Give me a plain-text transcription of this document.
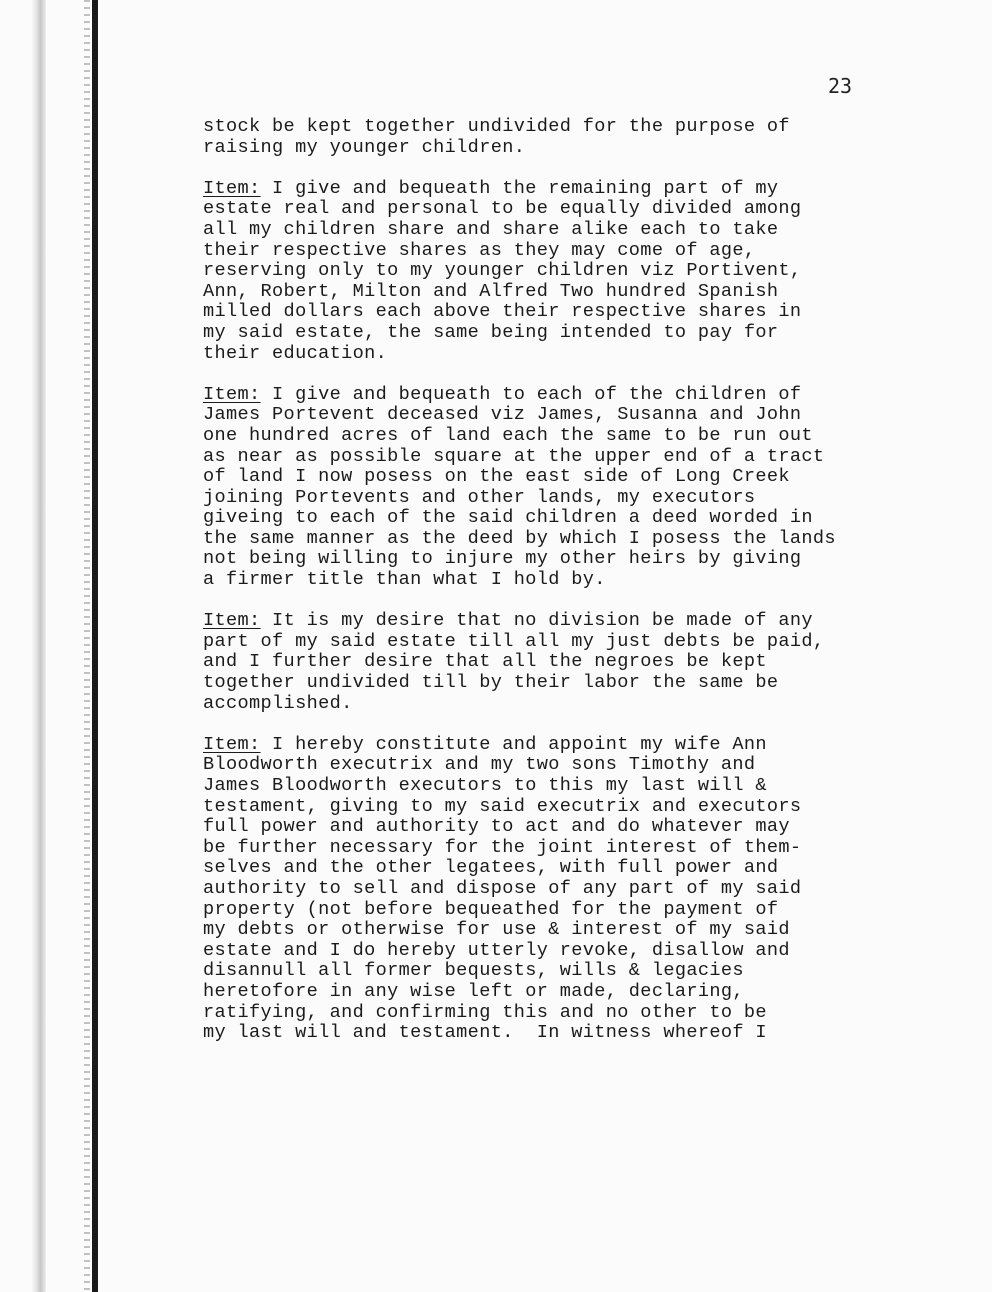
23
stock be kept together undivided for the purpose of
raising my younger children.
Item: I give and bequeath the remaining part of my
estate real and personal to be equally divided among
all my children share and share alike each to take
their respective shares as they may come of age,
reserving only to my younger children viz Portivent,
Ann, Robert, Milton and Alfred Two hundred Spanish
milled dollars each above their respective shares in
my said estate, the same being intended to pay for
their education.
Item: I give and bequeath to each of the children of
James Portevent deceased viz James, Susanna and John
one hundred acres of land each the same to be run out
as near as possible square at the upper end of a tract
of land I now posess on the east side of Long Creek
joining Portevents and other lands, my executors
giveing to each of the said children a deed worded in
the same manner as the deed by which I posess the lands
not being willing to injure my other heirs by giving
a firmer title than what I hold by.
Item: It is my desire that no division be made of any
part of my said estate till all my just debts be paid,
and I further desire that all the negroes be kept
together undivided till by their labor the same be
accomplished.
Item: I hereby constitute and appoint my wife Ann
Bloodworth executrix and my two sons Timothy and
James Bloodworth executors to this my last will &
testament, giving to my said executrix and executors
full power and authority to act and do whatever may
be further necessary for the joint interest of them-
selves and the other legatees, with full power and
authority to sell and dispose of any part of my said
property (not before bequeathed for the payment of
my debts or otherwise for use & interest of my said
estate and I do hereby utterly revoke, disallow and
disannull all former bequests, wills & legacies
heretofore in any wise left or made, declaring,
ratifying, and confirming this and no other to be
my last will and testament.  In witness whereof I
